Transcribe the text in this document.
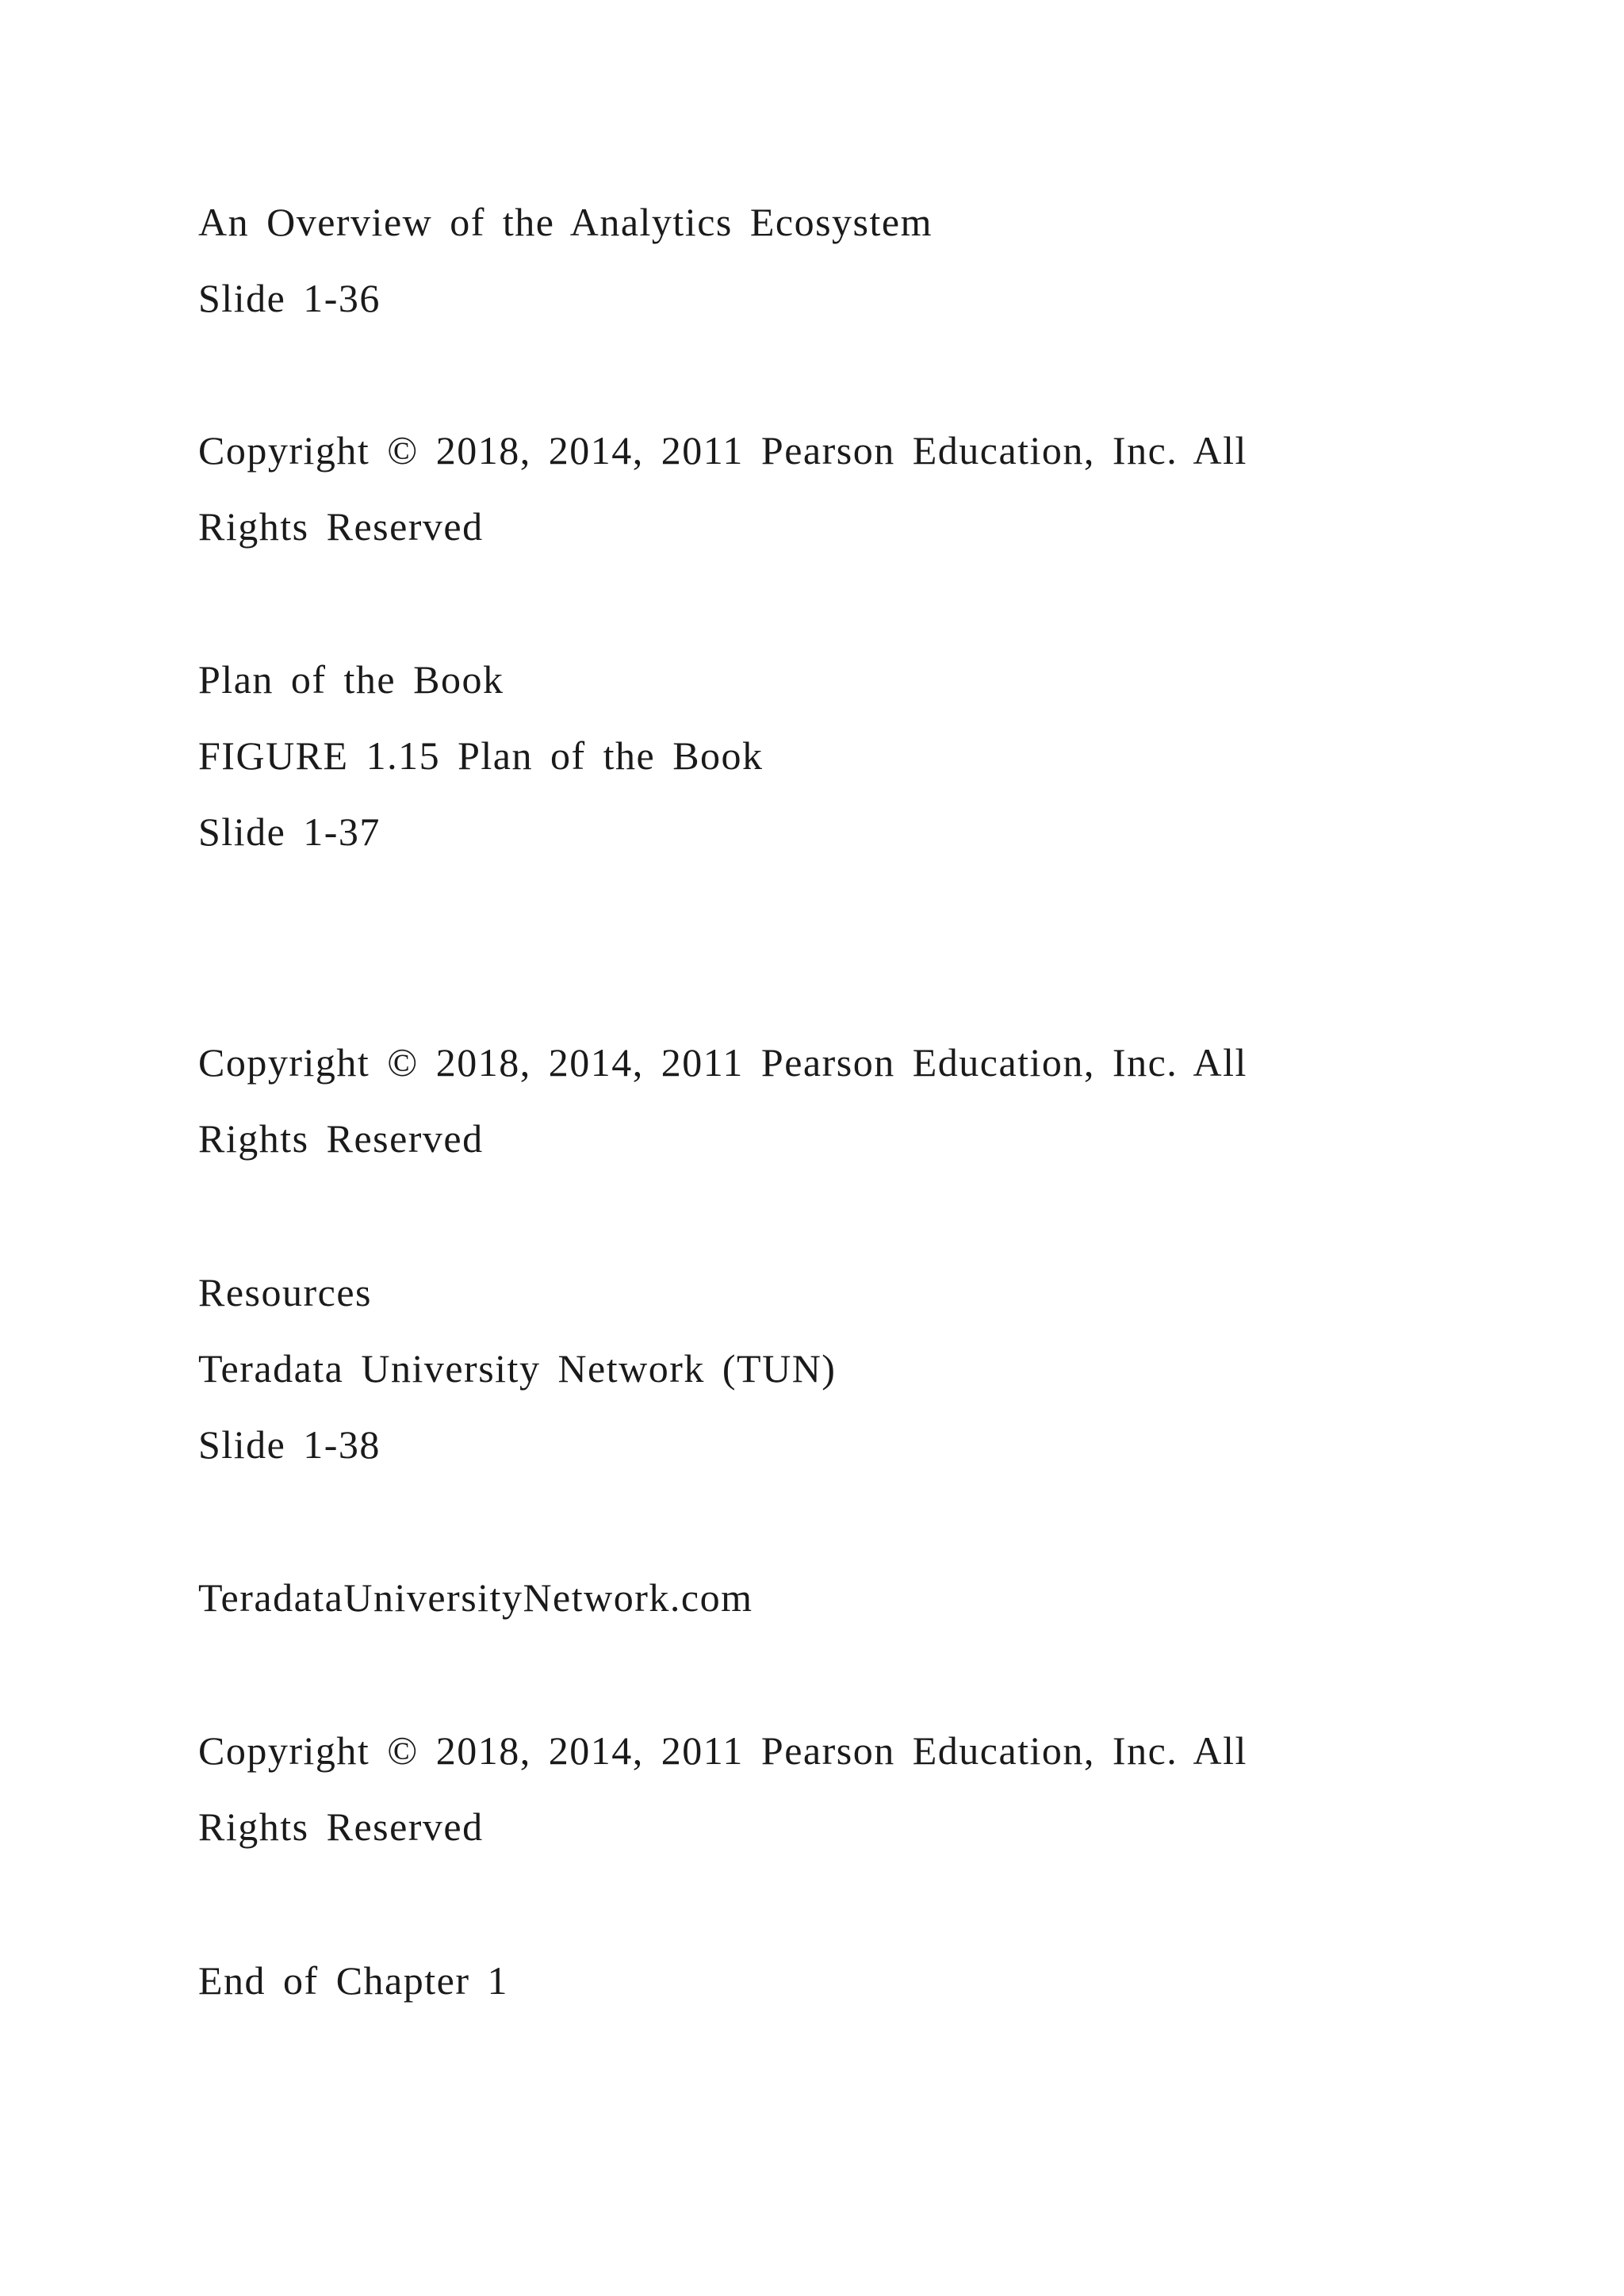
An Overview of the Analytics Ecosystem
Slide 1-36
Copyright © 2018, 2014, 2011 Pearson Education, Inc. All
Rights Reserved
Plan of the Book
FIGURE 1.15 Plan of the Book
Slide 1-37
Copyright © 2018, 2014, 2011 Pearson Education, Inc. All
Rights Reserved
Resources
Teradata University Network (TUN)
Slide 1-38
TeradataUniversityNetwork.com
Copyright © 2018, 2014, 2011 Pearson Education, Inc. All
Rights Reserved
End of Chapter 1
